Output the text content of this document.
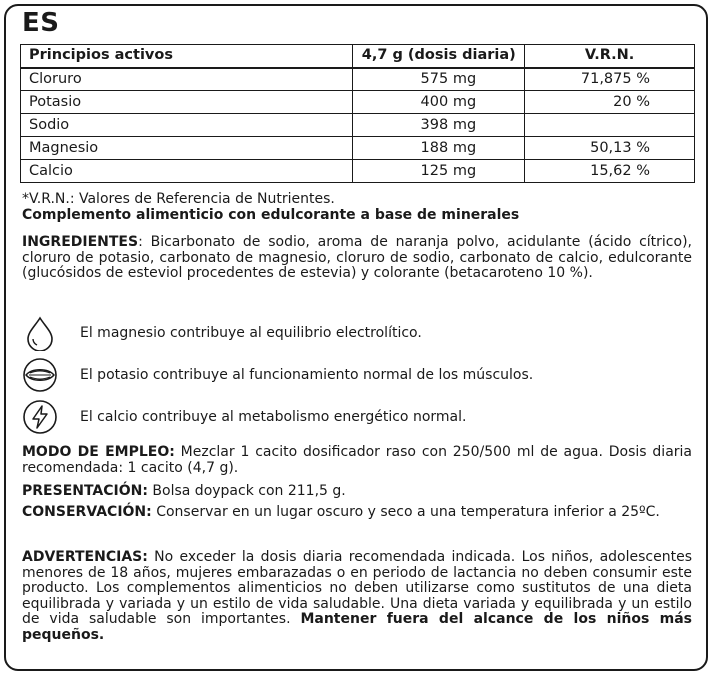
ES
Principios activos	4,7 g (dosis diaria)	V.R.N.
Cloruro	575 mg	71,875 %
Potasio	400 mg	20 %
Sodio	398 mg	
Magnesio	188 mg	50,13 %
Calcio	125 mg	15,62 %
*V.R.N.: Valores de Referencia de Nutrientes.
Complemento alimenticio con edulcorante a base de minerales
INGREDIENTES: Bicarbonato de sodio, aroma de naranja polvo, acidulante (ácido cítrico), cloruro de potasio, carbonato de magnesio, cloruro de sodio, carbonato de calcio, edulcorante (glucósidos de esteviol procedentes de estevia) y colorante (betacaroteno 10 %).
El magnesio contribuye al equilibrio electrolítico.
El potasio contribuye al funcionamiento normal de los músculos.
El calcio contribuye al metabolismo energético normal.
MODO DE EMPLEO: Mezclar 1 cacito dosificador raso con 250/500 ml de agua. Dosis diaria recomendada: 1 cacito (4,7 g).
PRESENTACIÓN: Bolsa doypack con 211,5 g.
CONSERVACIÓN: Conservar en un lugar oscuro y seco a una temperatura inferior a 25ºC.
ADVERTENCIAS: No exceder la dosis diaria recomendada indicada. Los niños, adolescentes menores de 18 años, mujeres embarazadas o en periodo de lactancia no deben consumir este producto. Los complementos alimenticios no deben utilizarse como sustitutos de una dieta equilibrada y variada y un estilo de vida saludable. Una dieta variada y equilibrada y un estilo de vida saludable son importantes. Mantener fuera del alcance de los niños más pequeños.
